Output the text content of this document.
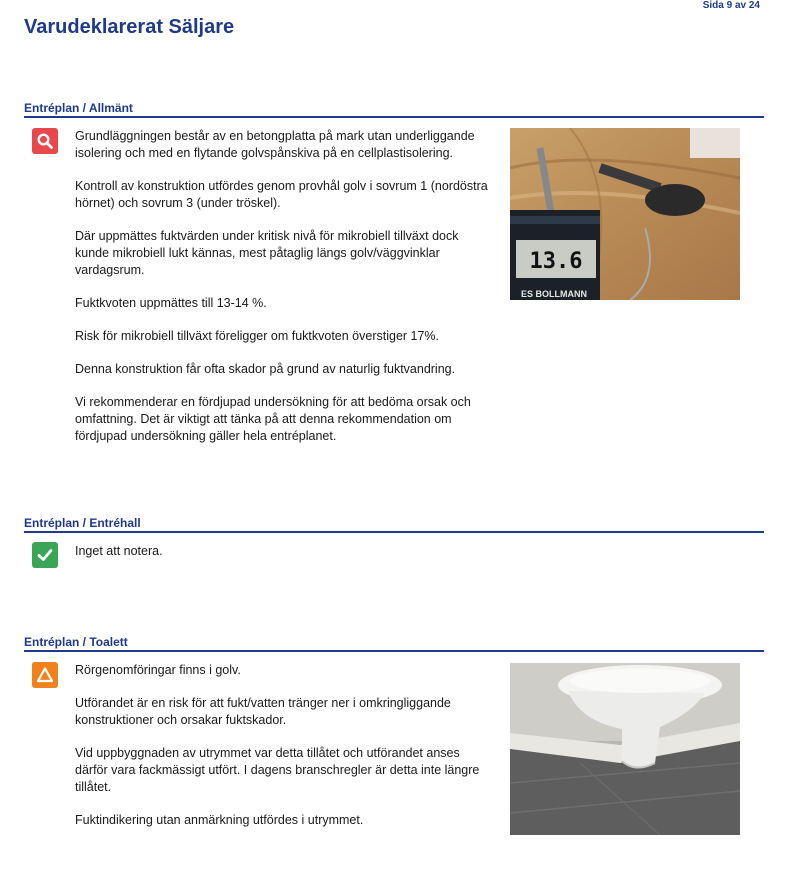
Sida 9 av 24
Varudeklarerat Säljare
Entréplan / Allmänt

Grundläggningen består av en betongplatta på mark utan underliggande isolering och med en flytande golvspånskiva på en cellplastisolering.

Kontroll av konstruktion utfördes genom provhål golv i sovrum 1 (nordöstra hörnet) och sovrum 3 (under tröskel).

Där uppmättes fuktvärden under kritisk nivå för mikrobiell tillväxt dock kunde mikrobiell lukt kännas, mest påtaglig längs golv/väggvinklar vardagsrum.

Fuktkvoten uppmättes till 13-14 %.

Risk för mikrobiell tillväxt föreligger om fuktkvoten överstiger 17%.

Denna konstruktion får ofta skador på grund av naturlig fuktvandring.

Vi rekommenderar en fördjupad undersökning för att bedöma orsak och omfattning. Det är viktigt att tänka på att denna rekommendation om fördjupad undersökning gäller hela entréplanet.

13.6
ES BOLLMANN
Entréplan / Entréhall

Inget att notera.

Entréplan / Toalett

Rörgenomföringar finns i golv.

Utförandet är en risk för att fukt/vatten tränger ner i omkringliggande konstruktioner och orsakar fuktskador.

Vid uppbyggnaden av utrymmet var detta tillåtet och utförandet anses därför vara fackmässigt utfört. I dagens branschregler är detta inte längre tillåtet.

Fuktindikering utan anmärkning utfördes i utrymmet.
